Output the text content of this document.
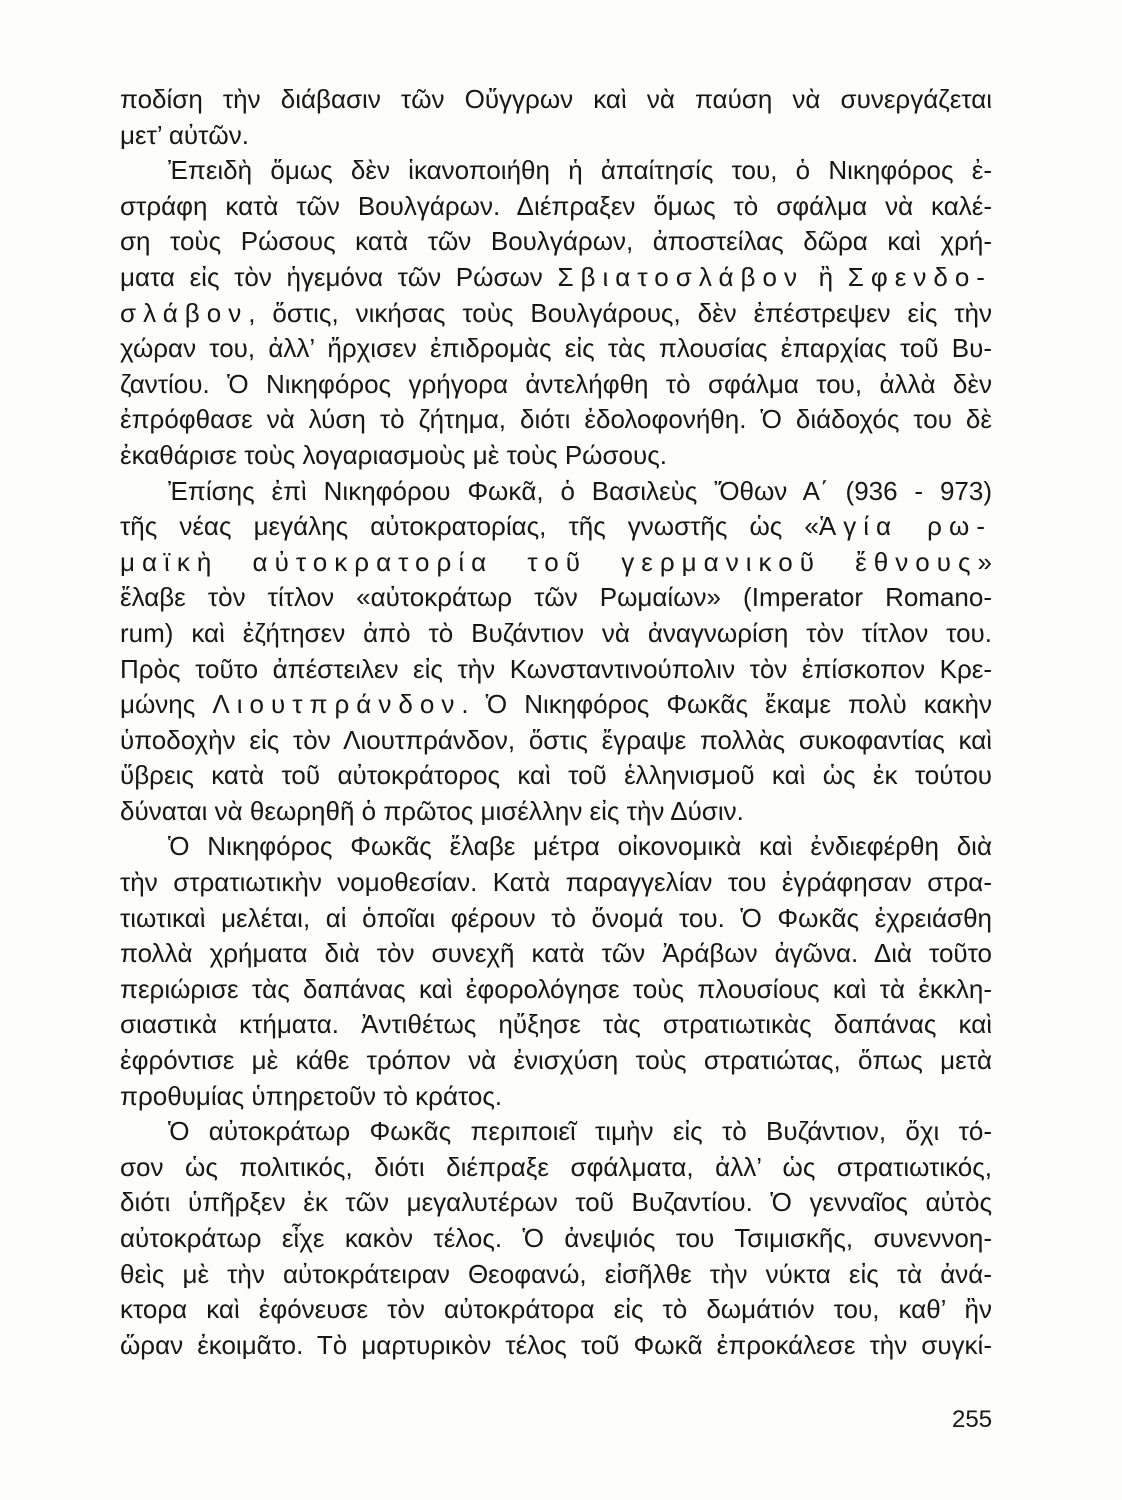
ποδίση τὴν διάβασιν τῶν Οὔγγρων καὶ νὰ παύση νὰ συνεργάζεται
μετ’ αὐτῶν.
Ἐπειδὴ ὅμως δὲν ἱκανοποιήθη ἡ ἀπαίτησίς του, ὁ Νικηφόρος ἐ-
στράφη κατὰ τῶν Βουλγάρων. Διέπραξεν ὅμως τὸ σφάλμα νὰ καλέ-
ση τοὺς Ρώσους κατὰ τῶν Βουλγάρων, ἀποστείλας δῶρα καὶ χρή-
ματα εἰς τὸν ἡγεμόνα τῶν Ρώσων Σβιατοσλάβον ἢ Σφενδο-
σλάβον, ὅστις, νικήσας τοὺς Βουλγάρους, δὲν ἐπέστρεψεν εἰς τὴν
χώραν του, ἀλλ’ ἤρχισεν ἐπιδρομὰς εἰς τὰς πλουσίας ἐπαρχίας τοῦ Βυ-
ζαντίου. Ὁ Νικηφόρος γρήγορα ἀντελήφθη τὸ σφάλμα του, ἀλλὰ δὲν
ἐπρόφθασε νὰ λύση τὸ ζήτημα, διότι ἐδολοφονήθη. Ὁ διάδοχός του δὲ
ἐκαθάρισε τοὺς λογαριασμοὺς μὲ τοὺς Ρώσους.
Ἐπίσης ἐπὶ Νικηφόρου Φωκᾶ, ὁ Βασιλεὺς Ὄθων Α΄ (936 - 973)
τῆς νέας μεγάλης αὐτοκρατορίας, τῆς γνωστῆς ὡς «Ἁγία ρω-
μαϊκὴ αὐτοκρατορία τοῦ γερμανικοῦ ἔθνους»
ἔλαβε τὸν τίτλον «αὐτοκράτωρ τῶν Ρωμαίων» (Imperator Romano-
rum) καὶ ἐζήτησεν ἀπὸ τὸ Βυζάντιον νὰ ἀναγνωρίση τὸν τίτλον του.
Πρὸς τοῦτο ἀπέστειλεν εἰς τὴν Κωνσταντινούπολιν τὸν ἐπίσκοπον Κρε-
μώνης Λιουτπράνδον. Ὁ Νικηφόρος Φωκᾶς ἔκαμε πολὺ κακὴν
ὑποδοχὴν εἰς τὸν Λιουτπράνδον, ὅστις ἔγραψε πολλὰς συκοφαντίας καὶ
ὕβρεις κατὰ τοῦ αὐτοκράτορος καὶ τοῦ ἑλληνισμοῦ καὶ ὡς ἐκ τούτου
δύναται νὰ θεωρηθῆ ὁ πρῶτος μισέλλην εἰς τὴν Δύσιν.
Ὁ Νικηφόρος Φωκᾶς ἔλαβε μέτρα οἰκονομικὰ καὶ ἐνδιεφέρθη διὰ
τὴν στρατιωτικὴν νομοθεσίαν. Κατὰ παραγγελίαν του ἐγράφησαν στρα-
τιωτικαὶ μελέται, αἱ ὁποῖαι φέρουν τὸ ὄνομά του. Ὁ Φωκᾶς ἐχρειάσθη
πολλὰ χρήματα διὰ τὸν συνεχῆ κατὰ τῶν Ἀράβων ἀγῶνα. Διὰ τοῦτο
περιώρισε τὰς δαπάνας καὶ ἐφορολόγησε τοὺς πλουσίους καὶ τὰ ἐκκλη-
σιαστικὰ κτήματα. Ἀντιθέτως ηὔξησε τὰς στρατιωτικὰς δαπάνας καὶ
ἐφρόντισε μὲ κάθε τρόπον νὰ ἐνισχύση τοὺς στρατιώτας, ὅπως μετὰ
προθυμίας ὑπηρετοῦν τὸ κράτος.
Ὁ αὐτοκράτωρ Φωκᾶς περιποιεῖ τιμὴν εἰς τὸ Βυζάντιον, ὄχι τό-
σον ὡς πολιτικός, διότι διέπραξε σφάλματα, ἀλλ’ ὡς στρατιωτικός,
διότι ὑπῆρξεν ἐκ τῶν μεγαλυτέρων τοῦ Βυζαντίου. Ὁ γενναῖος αὐτὸς
αὐτοκράτωρ εἶχε κακὸν τέλος. Ὁ ἀνεψιός του Τσιμισκῆς, συνεννοη-
θεὶς μὲ τὴν αὐτοκράτειραν Θεοφανώ, εἰσῆλθε τὴν νύκτα εἰς τὰ ἀνά-
κτορα καὶ ἐφόνευσε τὸν αὐτοκράτορα εἰς τὸ δωμάτιόν του, καθ’ ἣν
ὥραν ἐκοιμᾶτο. Τὸ μαρτυρικὸν τέλος τοῦ Φωκᾶ ἐπροκάλεσε τὴν συγκί-
255
